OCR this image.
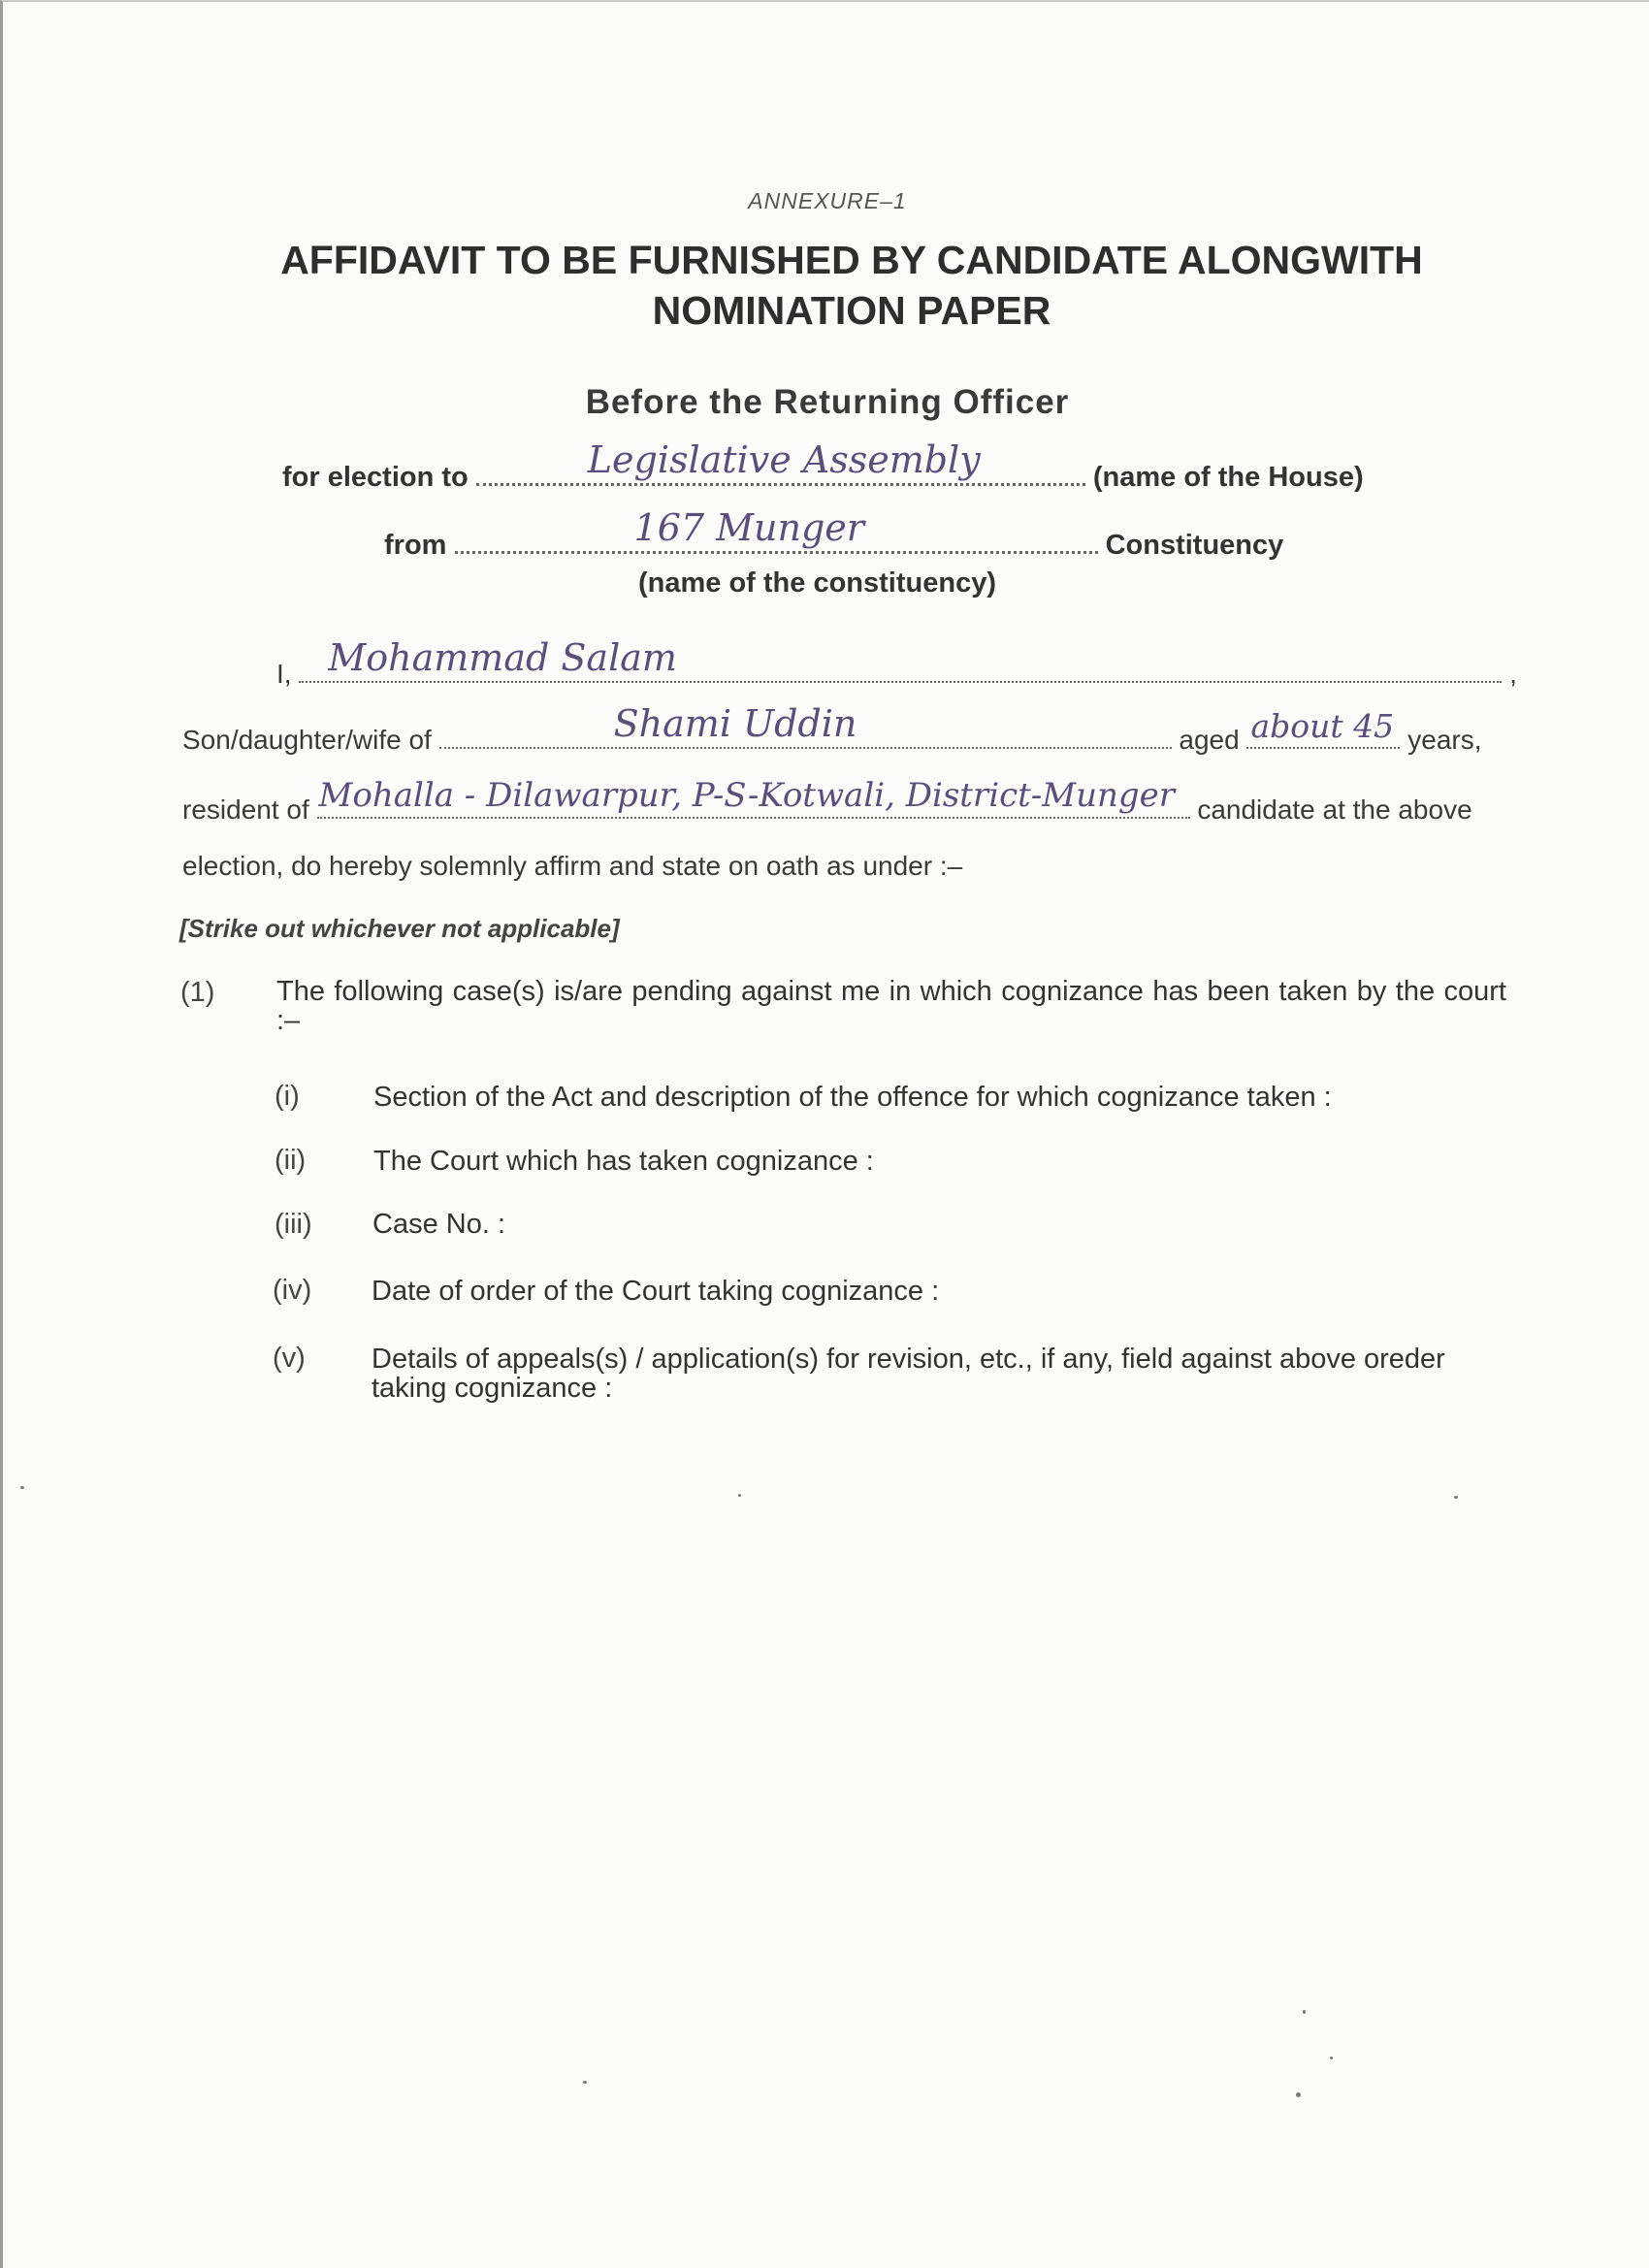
ANNEXURE–1
AFFIDAVIT TO BE FURNISHED BY CANDIDATE ALONGWITH
NOMINATION PAPER
Before the Returning Officer
for election to	Legislative Assembly	(name of the House)
from	167 Munger	Constituency
(name of the constituency)
I, Mohammad Salam	,
Son/daughter/wife of	Shami Uddin	aged about 45 years,
resident of Mohalla - Dilawarpur, P-S-Kotwali, District-Munger candidate at the above
election, do hereby solemnly affirm and state on oath as under :–
[Strike out whichever not applicable]
(1) The following case(s) is/are pending against me in which cognizance has been taken by the court :–
(i)	Section of the Act and description of the offence for which cognizance taken :
(ii) The Court which has taken cognizance :
(iii) Case No. :
(iv) Date of order of the Court taking cognizance :
(v) Details of appeals(s) / application(s) for revision, etc., if any, field against above oreder taking cognizance :
